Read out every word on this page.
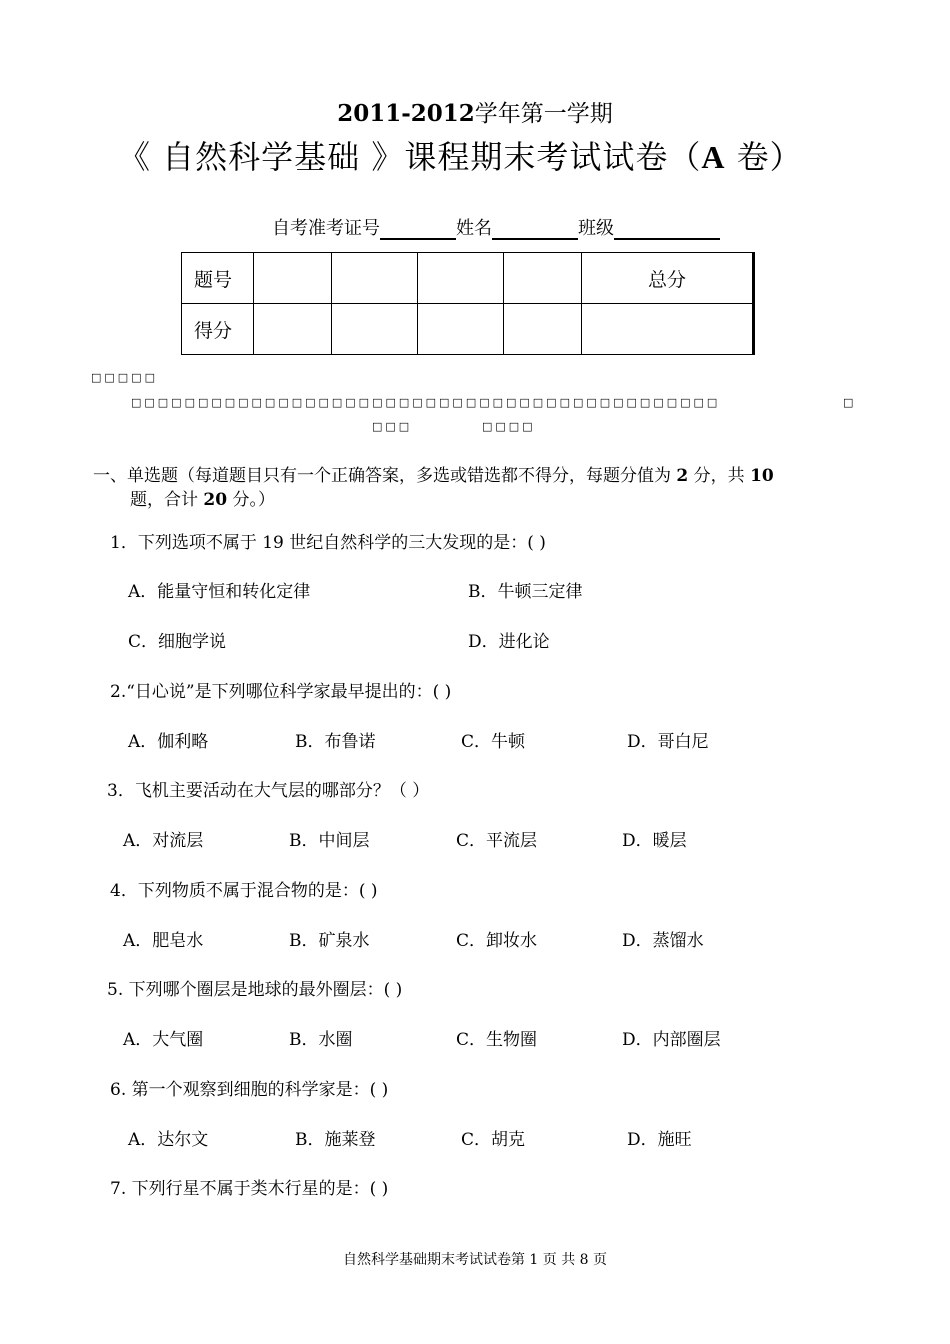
2011-2012学年第一学期
《 自然科学基础 》课程期末考试试卷（A 卷）
自考准考证号	姓名	班级
题号					总分
得分					
□□□□□
□□□□□□□□□□□□□□□□□□□□□□□□□□□□□□□□□□□□□□□□□□□□	□
□□□	□□□□
一、单选题（每道题目只有一个正确答案，多选或错选都不得分，每题分值为 2 分，共 10
题，合计 20 分。）
1．下列选项不属于 19 世纪自然科学的三大发现的是：( )
A．能量守恒和转化定律	B．牛顿三定律
C．细胞学说	D．进化论
2.“日心说”是下列哪位科学家最早提出的：( )
A．伽利略	B．布鲁诺	C．牛顿	D．哥白尼
3．飞机主要活动在大气层的哪部分？（ ）
A．对流层	B．中间层	C．平流层	D．暖层
4．下列物质不属于混合物的是：( )
A．肥皂水	B．矿泉水	C．卸妆水	D．蒸馏水
5. 下列哪个圈层是地球的最外圈层：( )
A．大气圈	B．水圈	C．生物圈	D．内部圈层
6. 第一个观察到细胞的科学家是：( )
A．达尔文	B．施莱登	C．胡克	D．施旺
7. 下列行星不属于类木行星的是：( )
自然科学基础期末考试试卷第 1 页 共 8 页
